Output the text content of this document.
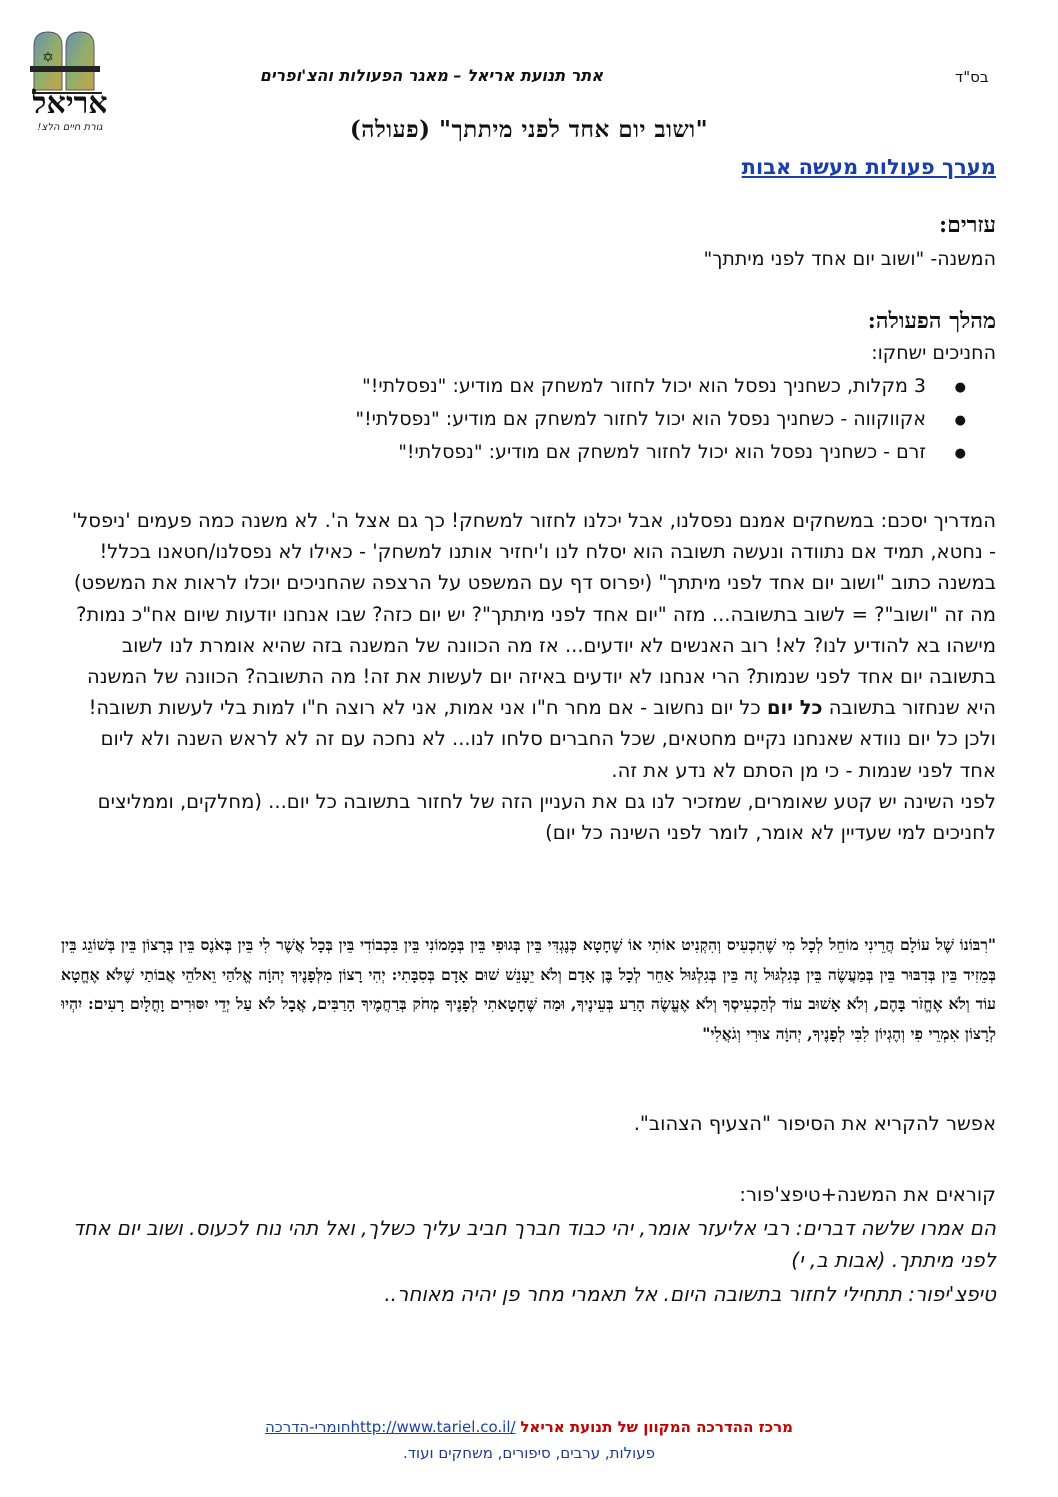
✡
אריאל
גורת חיים הלצ!
בס"ד
אתר תנועת אריאל – מאגר הפעולות והצ'ופרים
"ושוב יום אחד לפני מיתתך" (פעולה)
מערך פעולות מעשה אבות
עזרים:
המשנה- "ושוב יום אחד לפני מיתתך"
מהלך הפעולה:
החניכים ישחקו:
● 3 מקלות, כשחניך נפסל הוא יכול לחזור למשחק אם מודיע: "נפסלתי!"
● אקווקווה - כשחניך נפסל הוא יכול לחזור למשחק אם מודיע: "נפסלתי!"
● זרם - כשחניך נפסל הוא יכול לחזור למשחק אם מודיע: "נפסלתי!"

המדריך יסכם: במשחקים אמנם נפסלנו, אבל יכלנו לחזור למשחק! כך גם אצל ה'. לא משנה כמה פעמים 'ניפסל' - נחטא, תמיד אם נתוודה ונעשה תשובה הוא יסלח לנו ו'יחזיר אותנו למשחק' - כאילו לא נפסלנו/חטאנו בכלל!

במשנה כתוב "ושוב יום אחד לפני מיתתך" (יפרוס דף עם המשפט על הרצפה שהחניכים יוכלו לראות את המשפט) מה זה "ושוב"? = לשוב בתשובה... מזה "יום אחד לפני מיתתך"? יש יום כזה? שבו אנחנו יודעות שיום אח"כ נמות? מישהו בא להודיע לנו? לא! רוב האנשים לא יודעים... אז מה הכוונה של המשנה בזה שהיא אומרת לנו לשוב בתשובה יום אחד לפני שנמות? הרי אנחנו לא יודעים באיזה יום לעשות את זה! מה התשובה? הכוונה של המשנה היא שנחזור בתשובה כל יום כל יום נחשוב - אם מחר ח"ו אני אמות, אני לא רוצה ח"ו למות בלי לעשות תשובה! ולכן כל יום נוודא שאנחנו נקיים מחטאים, שכל החברים סלחו לנו... לא נחכה עם זה לא לראש השנה ולא ליום אחד לפני שנמות - כי מן הסתם לא נדע את זה.

לפני השינה יש קטע שאומרים, שמזכיר לנו גם את העניין הזה של לחזור בתשובה כל יום... (מחלקים, וממליצים לחניכים למי שעדיין לא אומר, לומר לפני השינה כל יום)

"רִבּוֹנוֹ שֶׁל עוֹלָם הֲרֵינִי מוֹחֵל לְכָל מִי שֶׁהִכְעִיס וְהִקְנִיט אוֹתִי אוֹ שֶׁחָטָא כְּנֶגְדִּי בֵּין בְּגוּפִי בֵּין בְּמָמוֹנִי בֵּין בִּכְבוֹדִי בֵּין בְּכָל אֲשֶׁר לִי בֵּין בְּאֹנֶס בֵּין בְּרָצוֹן בֵּין בְּשׁוֹגֵג בֵּין בְּמֵזִיד בֵּין בְּדִבּוּר בֵּין בְּמַעֲשֶׂה בֵּין בְּגִלְגּוּל זֶה בֵּין בְּגִלְגּוּל אַחֵר לְכָל בֶּן אָדָם וְלֹא יֵעָנֵשׁ שׁוּם אָדָם בְּסִבָּתִי: יְהִי רָצוֹן מִלְּפָנֶיךָ יְהוָֹה אֱלֹהַי וֵאלֹהֵי אֲבוֹתַי שֶׁלֹּא אֶחֱטָא עוֹד וְלֹא אֶחֱזֹר בָּהֶם, וְלֹא אָשׁוּב עוֹד לְהַכְעִיסְךָ וְלֹא אֶעֱשֶׂה הָרַע בְּעֵינֶיךָ, וּמַה שֶּׁחָטָאתִי לְפָנֶיךָ מְחֹק בְּרַחֲמֶיךָ הָרַבִּים, אֲבָל לֹא עַל יְדֵי יִסּוּרִים וָחֳלָיִם רָעִים: יִהְיוּ לְרָצוֹן אִמְרֵי פִי וְהֶגְיוֹן לִבִּי לְפָנֶיךָ, יְהוָֹה צוּרִי וְגֹאֲלִי"
אפשר להקריא את הסיפור "הצעיף הצהוב".
קוראים את המשנה+טיפצ'פור:
הם אמרו שלשה דברים: רבי אליעזר אומר, יהי כבוד חברך חביב עליך כשלך, ואל תהי נוח לכעוס. ושוב יום אחד לפני מיתתך. (אבות ב, י)
טיפצ'יפור: תתחילי לחזור בתשובה היום. אל תאמרי מחר פן יהיה מאוחר..
מרכז ההדרכה המקוון של תנועת אריאל /http://www.tariel.co.ilחומרי-הדרכה
פעולות, ערבים, סיפורים, משחקים ועוד.
